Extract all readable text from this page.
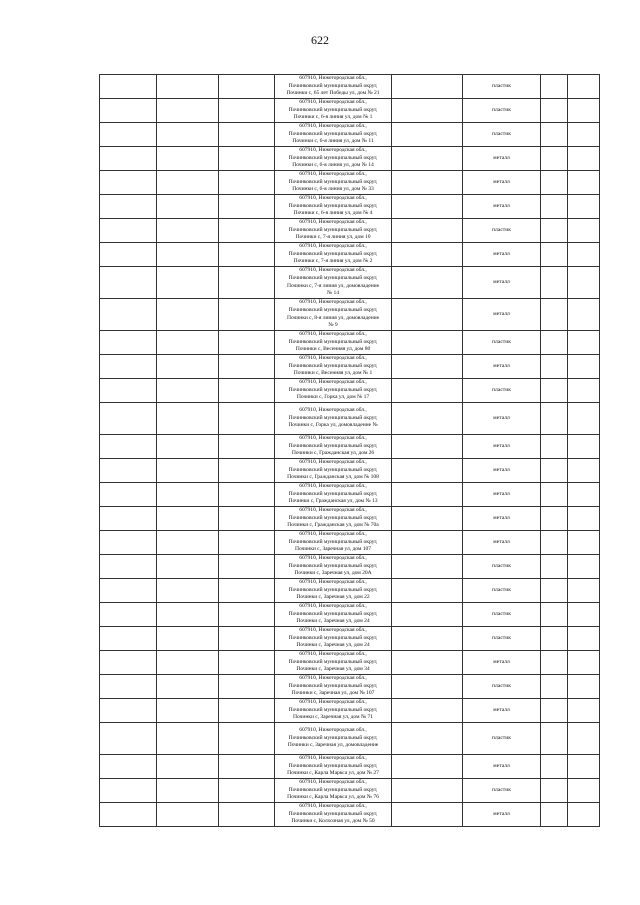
622

			607910, Нижегородская обл.,
Починковский муниципальный округ,
Починки с, 65 лет Победы ул, дом № 21		пластик		

			607910, Нижегородская обл.,
Починковский муниципальный округ,
Починки с, 6-я линия ул, дом № 1		пластик		

			607910, Нижегородская обл.,
Починковский муниципальный округ,
Починки с, 6-я линия ул, дом № 11		пластик		

			607910, Нижегородская обл.,
Починковский муниципальный округ,
Починки с, 6-я линия ул, дом № 14		металл		

			607910, Нижегородская обл.,
Починковский муниципальный округ,
Починки с, 6-я линия ул, дом № 33		металл		

			607910, Нижегородская обл.,
Починковский муниципальный округ,
Починки с, 6-я линия ул, дом № 4		металл		

			607910, Нижегородская обл.,
Починковский муниципальный округ,
Починки с, 7-я линия ул, дом 10		пластик		

			607910, Нижегородская обл.,
Починковский муниципальный округ,
Починки с, 7-я линия ул, дом № 2		металл		

			607910, Нижегородская обл.,
Починковский муниципальный округ,
Починки с, 7-я линия ул, домовладение
№ 14		металл		

			607910, Нижегородская обл.,
Починковский муниципальный округ,
Починки с, 8-я линия ул, домовладение
№ 9		металл		

			607910, Нижегородская обл.,
Починковский муниципальный округ,
Починки с, Весенняя ул, дом 80		пластик		

			607910, Нижегородская обл.,
Починковский муниципальный округ,
Починки с, Весенняя ул, дом № 1		металл		

			607910, Нижегородская обл.,
Починковский муниципальный округ,
Починки с, Горка ул, дом № 17		пластик		

			607910, Нижегородская обл.,
Починковский муниципальный округ,
Починки с, Горка ул, домовладение №		металл		

			607910, Нижегородская обл.,
Починковский муниципальный округ,
Починки с, Гражданская ул, дом 26		металл		

			607910, Нижегородская обл.,
Починковский муниципальный округ,
Починки с, Гражданская ул, дом № 108		металл		

			607910, Нижегородская обл.,
Починковский муниципальный округ,
Починки с, Гражданская ул, дом № 13		металл		

			607910, Нижегородская обл.,
Починковский муниципальный округ,
Починки с, Гражданская ул, дом № 70а		металл		

			607910, Нижегородская обл.,
Починковский муниципальный округ,
Починки с, Заречная ул, дом 107		металл		

			607910, Нижегородская обл.,
Починковский муниципальный округ,
Починки с, Заречная ул, дом 20А		пластик		

			607910, Нижегородская обл.,
Починковский муниципальный округ,
Починки с, Заречная ул, дом 22		пластик		

			607910, Нижегородская обл.,
Починковский муниципальный округ,
Починки с, Заречная ул, дом 24		пластик		

			607910, Нижегородская обл.,
Починковский муниципальный округ,
Починки с, Заречная ул, дом 24		пластик		

			607910, Нижегородская обл.,
Починковский муниципальный округ,
Починки с, Заречная ул, дом 34		металл		

			607910, Нижегородская обл.,
Починковский муниципальный округ,
Починки с, Заречная ул, дом № 107		пластик		

			607910, Нижегородская обл.,
Починковский муниципальный округ,
Починки с, Заречная ул, дом № 71		металл		

			607910, Нижегородская обл.,
Починковский муниципальный округ,
Починки с, Заречная ул, домовладение		пластик		

			607910, Нижегородская обл.,
Починковский муниципальный округ,
Починки с, Карла Маркса ул, дом № 27		металл		

			607910, Нижегородская обл.,
Починковский муниципальный округ,
Починки с, Карла Маркса ул, дом № 76		пластик		

			607910, Нижегородская обл.,
Починковский муниципальный округ,
Починки с, Колхозная ул, дом № 50		металл		
